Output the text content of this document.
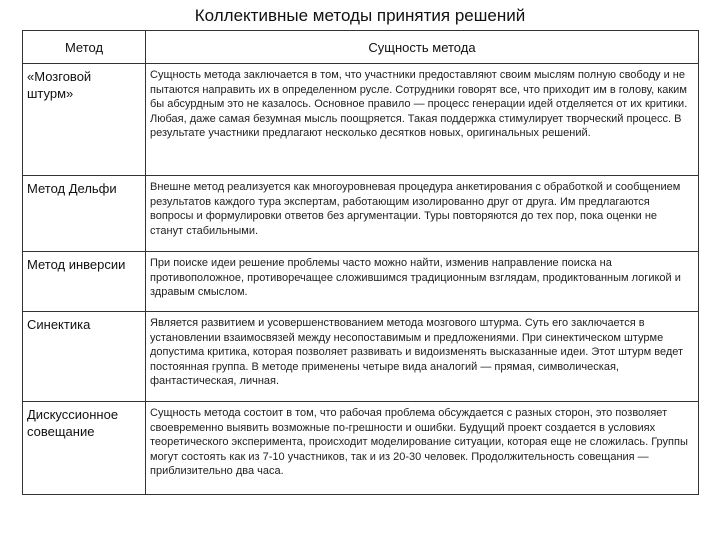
Коллективные методы принятия решений
Метод	Сущность метода
«Мозговой штурм»	Сущность метода заключается в том, что участники предоставляют своим мыслям полную свободу и не пытаются направить их в определенном русле. Сотрудники говорят все, что приходит им в голову, каким бы абсурдным это не казалось. Основное правило — процесс генерации идей отделяется от их критики. Любая, даже самая безумная мысль поощряется. Такая поддержка стимулирует творческий процесс. В результате участники предлагают несколько десятков новых, оригинальных решений.
Метод Дельфи	Внешне метод реализуется как многоуровневая процедура анкетирования с обработкой и сообщением результатов каждого тура экспертам, работающим изолированно друг от друга. Им предлагаются вопросы и формулировки ответов без аргументации. Туры повторяются до тех пор, пока оценки не станут стабильными.
Метод инверсии	При поиске идеи решение проблемы часто можно найти, изменив направление поиска на противоположное, противоречащее сложившимся традиционным взглядам, продиктованным логикой и здравым смыслом.
Синектика	Является развитием и усовершенствованием метода мозгового штурма. Суть его заключается в установлении взаимосвязей между несопоставимым и предложениями. При синектическом штурме допустима критика, которая позволяет развивать и видоизменять высказанные идеи. Этот штурм ведет постоянная группа. В методе применены четыре вида аналогий — прямая, символическая, фантастическая, личная.
Дискуссионное совещание	Сущность метода состоит в том, что рабочая проблема обсуждается с разных сторон, это позволяет своевременно выявить возможные по-грешности и ошибки. Будущий проект создается в условиях теоретического эксперимента, происходит моделирование ситуации, которая еще не сложилась. Группы могут состоять как из 7-10 участников, так и из 20-30 человек. Продолжительность совещания — приблизительно два часа.
